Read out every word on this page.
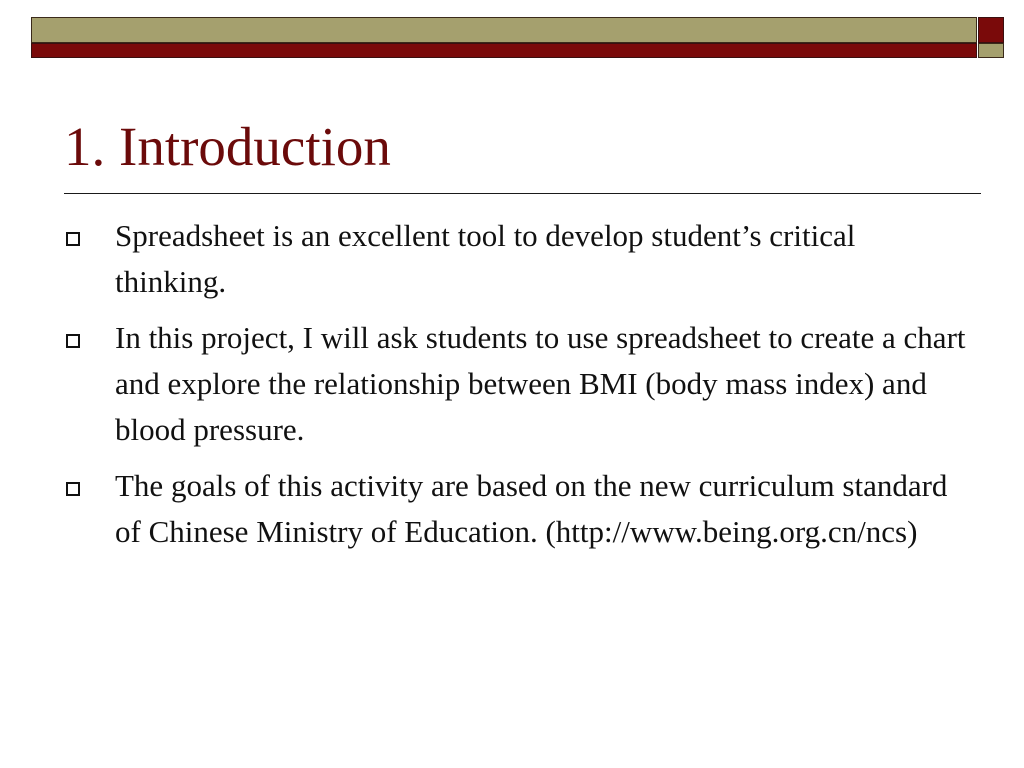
1. Introduction
Spreadsheet is an excellent tool to develop student’s critical thinking.
In this project, I will ask students to use spreadsheet to create a chart and explore the relationship between BMI (body mass index) and blood pressure.
The goals of this activity are based on the new curriculum standard of Chinese Ministry of Education. (http://www.being.org.cn/ncs)
